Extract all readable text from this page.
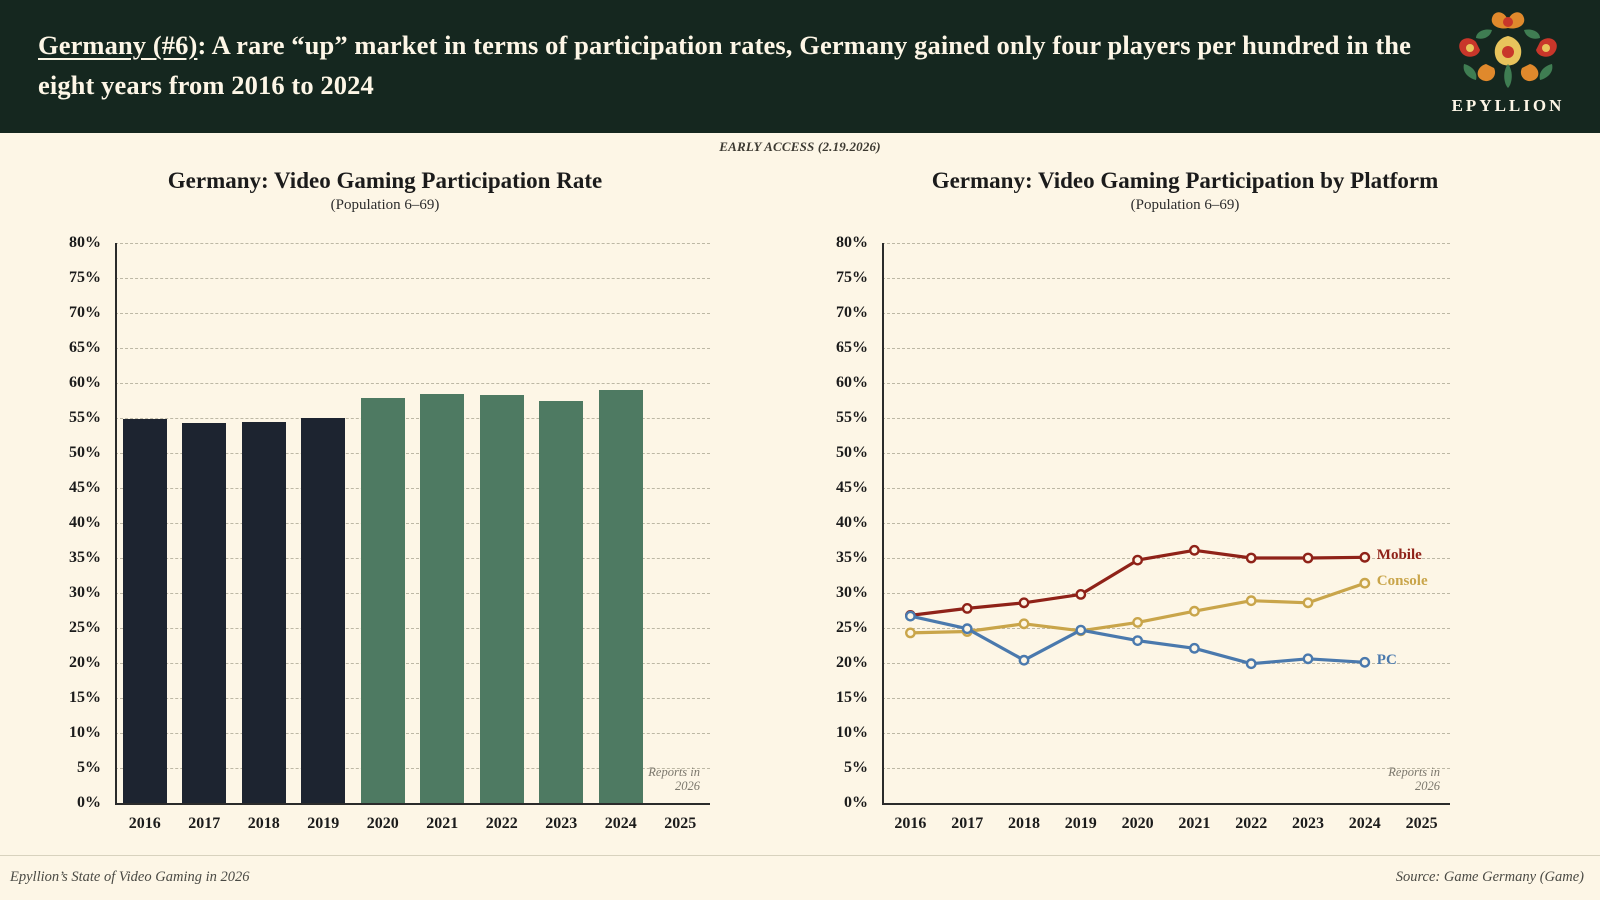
Germany (#6): A rare “up” market in terms of participation rates, Germany gained only four players per hundred in the eight years from 2016 to 2024
EPYLLION
EARLY ACCESS (2.19.2026)
Germany: Video Gaming Participation Rate
(Population 6–69)
0%
5%
10%
15%
20%
25%
30%
35%
40%
45%
50%
55%
60%
65%
70%
75%
80%
2016 2017 2018 2019 2020 2021 2022 2023 2024 2025
Reports in
2026
Germany: Video Gaming Participation by Platform
(Population 6–69)
0%
5%
10%
15%
20%
25%
30%
35%
40%
45%
50%
55%
60%
65%
70%
75%
80%
2016 2017 2018 2019 2020 2021 2022 2023 2024 2025
Reports in
2026
Mobile
Console
PC
Epyllion’s State of Video Gaming in 2026	Source: Game Germany (Game)
